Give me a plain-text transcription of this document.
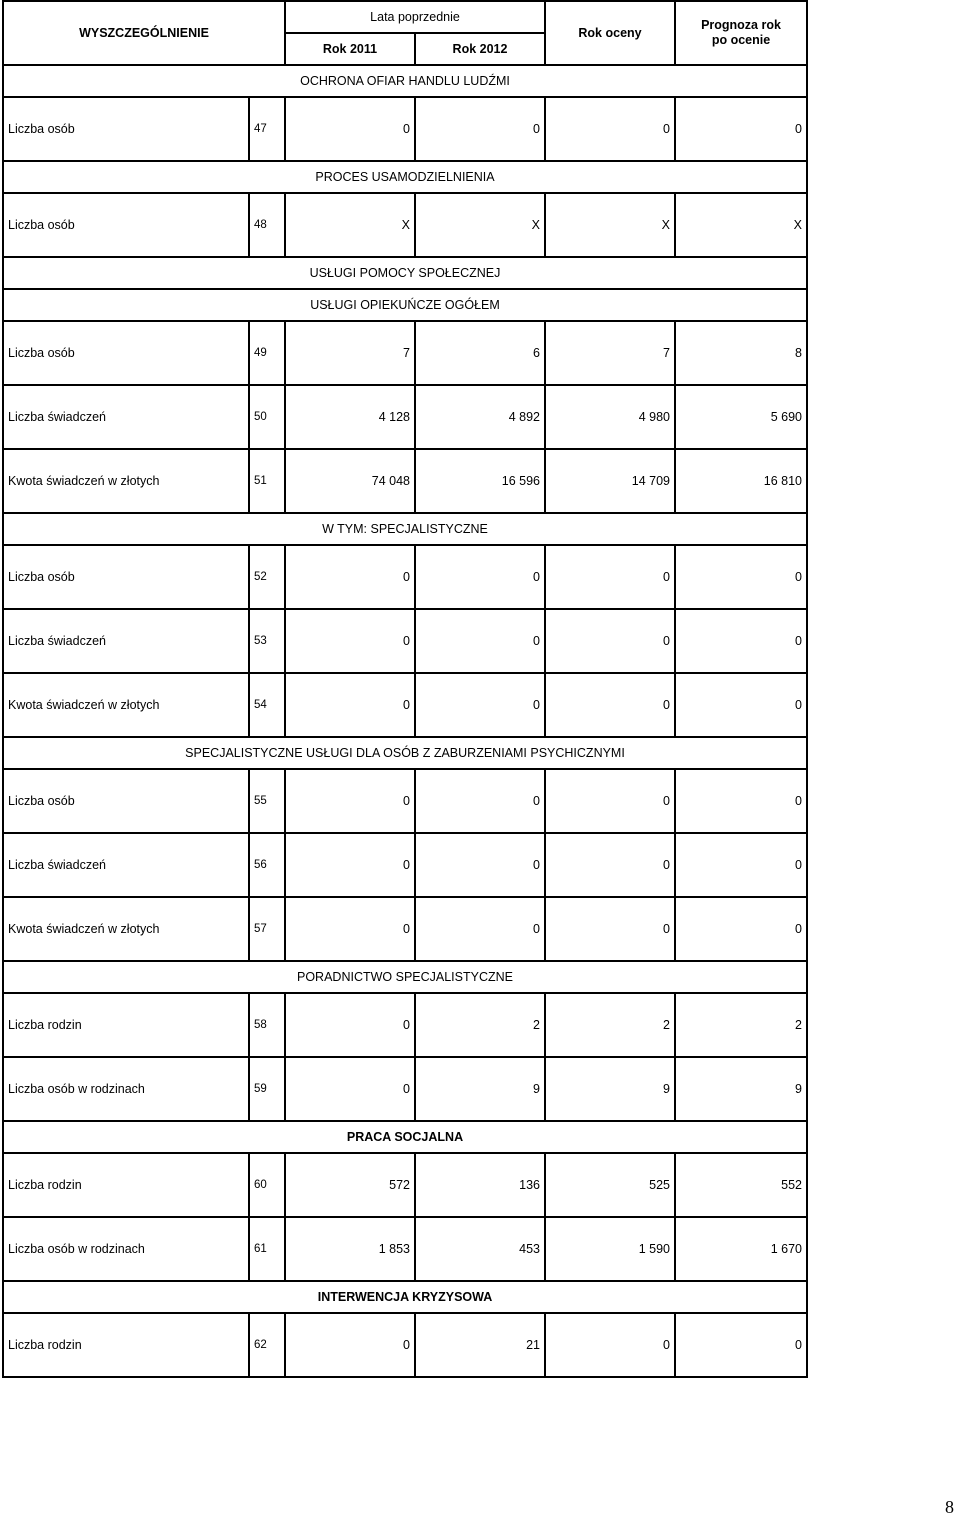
WYSZCZEGÓLNIENIE		Lata poprzednie		Rok oceny	Prognoza rok
po ocenie
		Rok 2011	Rok 2012		
OCHRONA OFIAR HANDLU LUDŹMI					
Liczba osób	47	0	0	0	0
PROCES USAMODZIELNIENIA					
Liczba osób	48	X	X	X	X
USŁUGI POMOCY SPOŁECZNEJ					
USŁUGI OPIEKUŃCZE OGÓŁEM					
Liczba osób	49	7	6	7	8
Liczba świadczeń	50	4 128	4 892	4 980	5 690
Kwota świadczeń w złotych	51	74 048	16 596	14 709	16 810
W TYM: SPECJALISTYCZNE					
Liczba osób	52	0	0	0	0
Liczba świadczeń	53	0	0	0	0
Kwota świadczeń w złotych	54	0	0	0	0
SPECJALISTYCZNE USŁUGI DLA OSÓB Z ZABURZENIAMI PSYCHICZNYMI					
Liczba osób	55	0	0	0	0
Liczba świadczeń	56	0	0	0	0
Kwota świadczeń w złotych	57	0	0	0	0
PORADNICTWO SPECJALISTYCZNE					
Liczba rodzin	58	0	2	2	2
Liczba osób w rodzinach	59	0	9	9	9
PRACA SOCJALNA					
Liczba rodzin	60	572	136	525	552
Liczba osób w rodzinach	61	1 853	453	1 590	1 670
INTERWENCJA KRYZYSOWA					
Liczba rodzin	62	0	21	0	0
8
